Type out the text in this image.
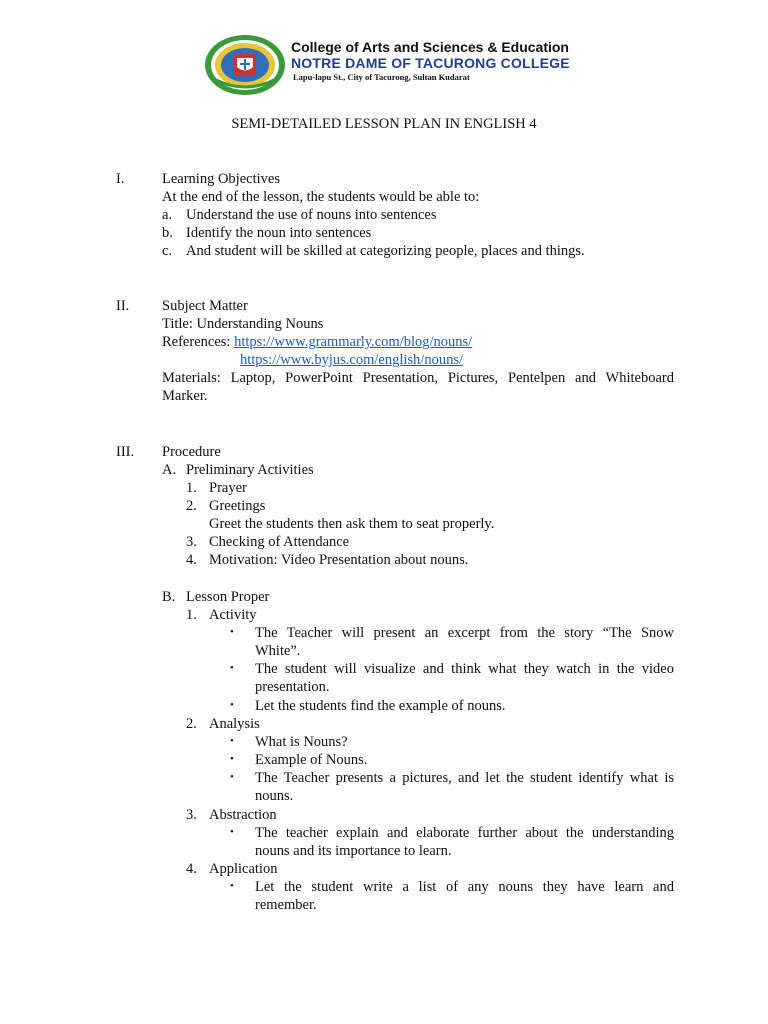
College of Arts and Sciences & Education
NOTRE DAME OF TACURONG COLLEGE
Lapu-lapu St., City of Tacurong, Sultan Kudarat
SEMI-DETAILED LESSON PLAN IN ENGLISH 4
I.	Learning Objectives
At the end of the lesson, the students would be able to:
a. Understand the use of nouns into sentences
b. Identify the noun into sentences
c. And student will be skilled at categorizing people, places and things.
II. Subject Matter
Title: Understanding Nouns
References: https://www.grammarly.com/blog/nouns/
https://www.byjus.com/english/nouns/
Materials: Laptop, PowerPoint Presentation, Pictures, Pentelpen and Whiteboard
Marker.
III. Procedure
A. Preliminary Activities
1. Prayer
2. Greetings
Greet the students then ask them to seat properly.
3. Checking of Attendance
4. Motivation: Video Presentation about nouns.
B. Lesson Proper
1. Activity
• The Teacher will present an excerpt from the story “The Snow
White”.
• The student will visualize and think what they watch in the video
presentation.
• Let the students find the example of nouns.
2. Analysis
• What is Nouns?
• Example of Nouns.
• The Teacher presents a pictures, and let the student identify what is
nouns.
3. Abstraction
• The teacher explain and elaborate further about the understanding
nouns and its importance to learn.
4. Application
• Let the student write a list of any nouns they have learn and
remember.
